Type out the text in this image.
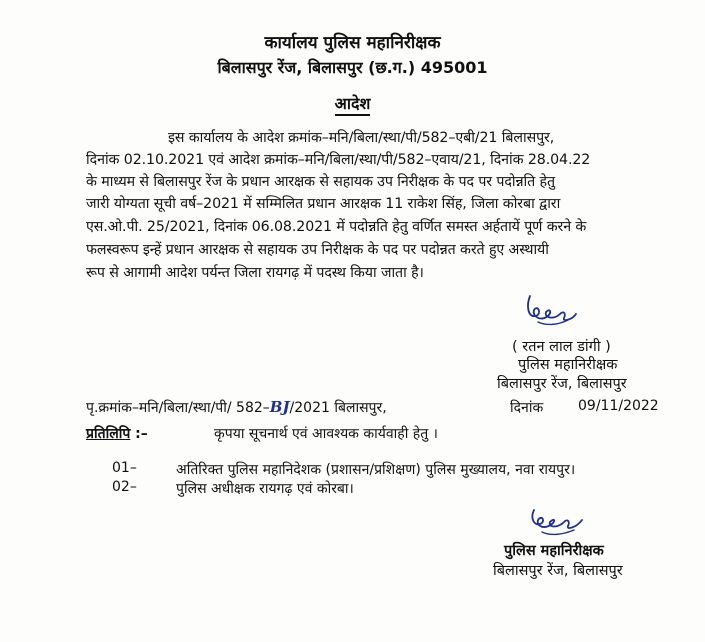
कार्यालय पुलिस महानिरीक्षक
बिलासपुर रेंज, बिलासपुर (छ.ग.) 495001
आदेश
इस कार्यालय के आदेश क्रमांक–मनि/बिला/स्था/पी/582–एबी/21 बिलासपुर,
दिनांक 02.10.2021 एवं आदेश क्रमांक–मनि/बिला/स्था/पी/582–एवाय/21, दिनांक 28.04.22
के माध्यम से बिलासपुर रेंज के प्रधान आरक्षक से सहायक उप निरीक्षक के पद पर पदोन्नति हेतु
जारी योग्यता सूची वर्ष–2021 में सम्मिलित प्रधान आरक्षक 11 राकेश सिंह, जिला कोरबा द्वारा
एस.ओ.पी. 25/2021, दिनांक 06.08.2021 में पदोन्नति हेतु वर्णित समस्त अर्हतायें पूर्ण करने के
फलस्वरूप इन्हें प्रधान आरक्षक से सहायक उप निरीक्षक के पद पर पदोन्नत करते हुए अस्थायी
रूप से आगामी आदेश पर्यन्त जिला रायगढ़ में पदस्थ किया जाता है।
( रतन लाल डांगी )
पुलिस महानिरीक्षक
बिलासपुर रेंज, बिलासपुर
पृ.क्रमांक–मनि/बिला/स्था/पी/ 582–BJ/2021 बिलासपुर,	दिनांक 09/11/2022
प्रतिलिपि :–	कृपया सूचनार्थ एवं आवश्यक कार्यवाही हेतु ।
01–	अतिरिक्त पुलिस महानिदेशक (प्रशासन/प्रशिक्षण) पुलिस मुख्यालय, नवा रायपुर।
02–	पुलिस अधीक्षक रायगढ़ एवं कोरबा।
पुलिस महानिरीक्षक
बिलासपुर रेंज, बिलासपुर
